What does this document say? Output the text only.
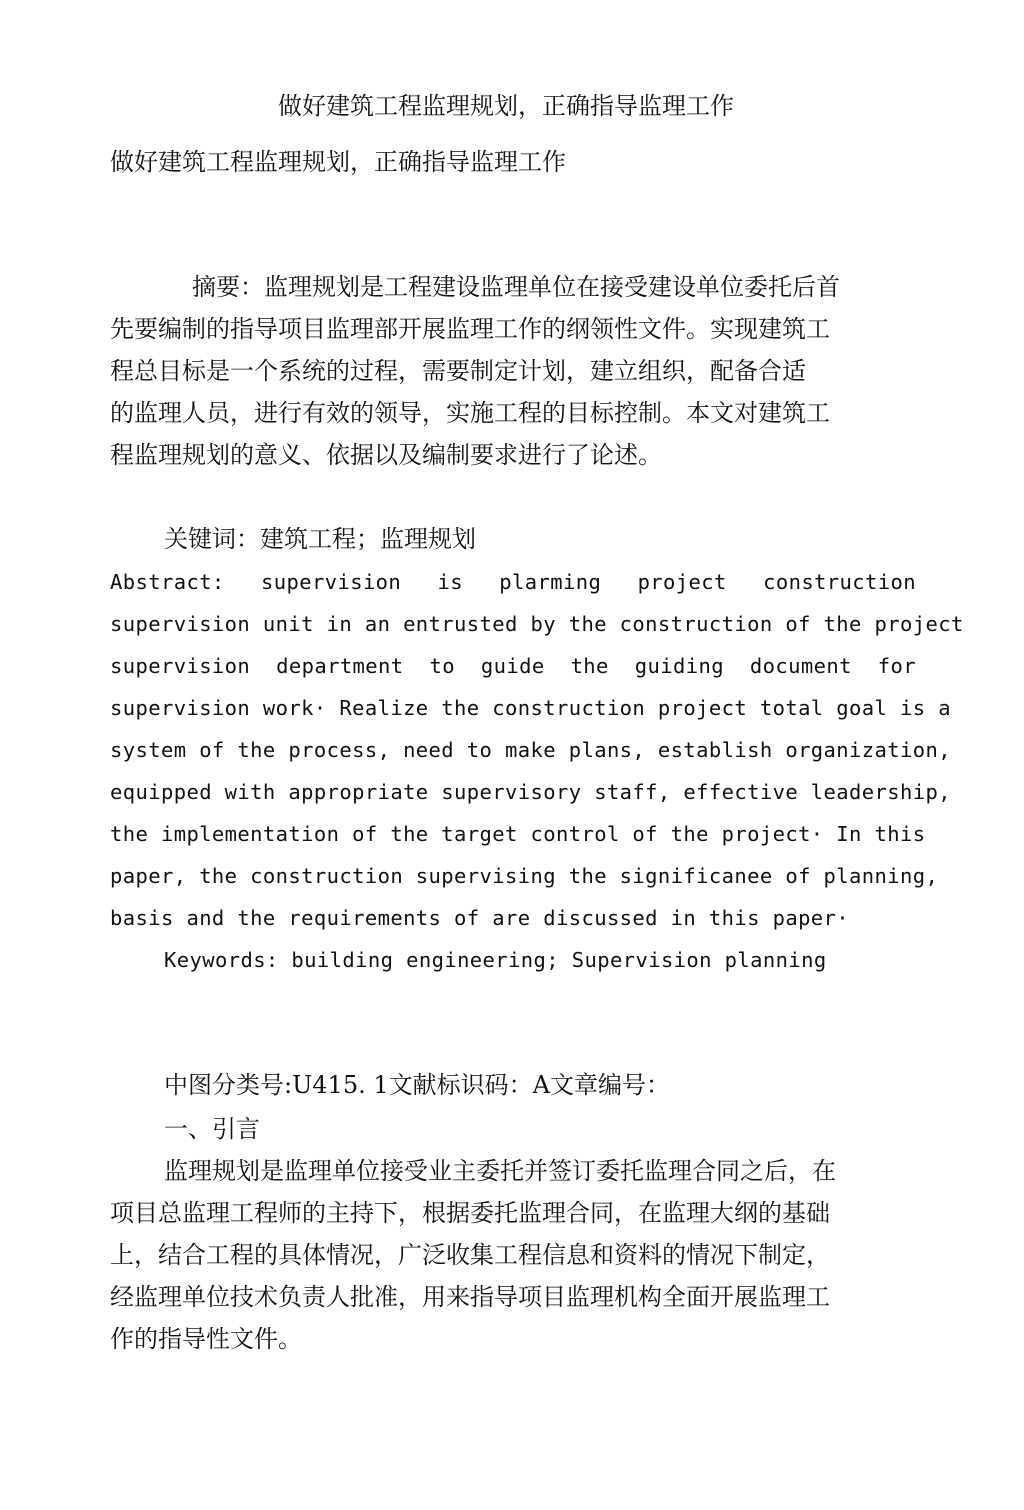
做好建筑工程监理规划，正确指导监理工作
做好建筑工程监理规划，正确指导监理工作
摘要：监理规划是工程建设监理单位在接受建设单位委托后首
先要编制的指导项目监理部开展监理工作的纲领性文件。实现建筑工
程总目标是一个系统的过程，需要制定计划，建立组织，配备合适
的监理人员，进行有效的领导，实施工程的目标控制。本文对建筑工
程监理规划的意义、依据以及编制要求进行了论述。
关键词：建筑工程；监理规划
Abstract: supervision is plarming project construction
supervision unit in an entrusted by the construction of the project
supervision department to guide the guiding document for
supervision work· Realize the construction project total goal is a
system of the process, need to make plans, establish organization,
equipped with appropriate supervisory staff, effective leadership,
the implementation of the target control of the project· In this
paper, the construction supervising the significanee of planning,
basis and the requirements of are discussed in this paper·
Keywords: building engineering; Supervision planning
中图分类号:U415. 1文献标识码：A文章编号：
一、引言
监理规划是监理单位接受业主委托并签订委托监理合同之后，在
项目总监理工程师的主持下，根据委托监理合同，在监理大纲的基础
上，结合工程的具体情况，广泛收集工程信息和资料的情况下制定，
经监理单位技术负责人批准，用来指导项目监理机构全面开展监理工
作的指导性文件。
